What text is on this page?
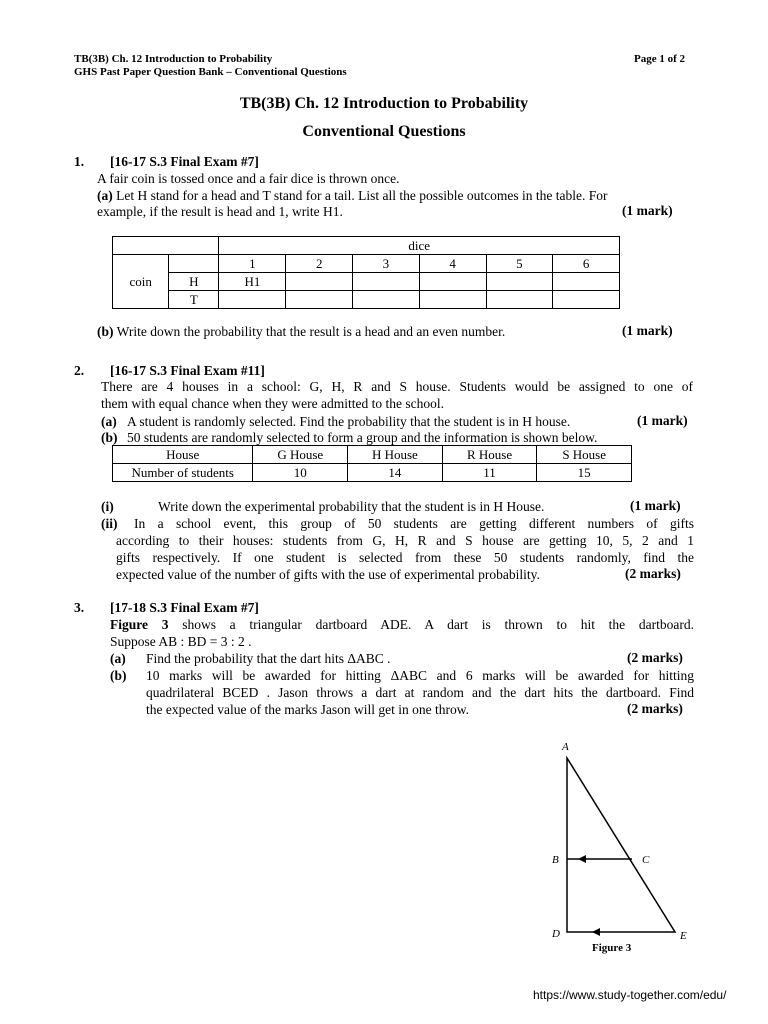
TB(3B) Ch. 12 Introduction to Probability
GHS Past Paper Question Bank – Conventional Questions
Page 1 of 2
TB(3B) Ch. 12 Introduction to Probability
Conventional Questions
1. [16-17 S.3 Final Exam #7]
A fair coin is tossed once and a fair dice is thrown once.
(a) Let H stand for a head and T stand for a tail. List all the possible outcomes in the table. For
example, if the result is head and 1, write H1.	(1 mark)
		dice					
coin		1	2	3	4	5	6
	H	H1					
	T						
(b) Write down the probability that the result is a head and an even number.	(1 mark)
2. [16-17 S.3 Final Exam #11]
There are 4 houses in a school: G, H, R and S house. Students would be assigned to one of
them with equal chance when they were admitted to the school.
(a) A student is randomly selected. Find the probability that the student is in H house.	(1 mark)
(b) 50 students are randomly selected to form a group and the information is shown below.
House	G House	H House	R House	S House
Number of students	10	14	11	15
(i)	Write down the experimental probability that the student is in H House.	(1 mark)
(ii) In a school event, this group of 50 students are getting different numbers of gifts
according to their houses: students from G, H, R and S house are getting 10, 5, 2 and 1
gifts respectively. If one student is selected from these 50 students randomly, find the
expected value of the number of gifts with the use of experimental probability.	(2 marks)
3. [17-18 S.3 Final Exam #7]
Figure 3 shows a triangular dartboard ADE. A dart is thrown to hit the dartboard.
Suppose AB : BD = 3 : 2 .
(a) Find the probability that the dart hits ΔABC .	(2 marks)
(b) 10 marks will be awarded for hitting ΔABC and 6 marks will be awarded for hitting
quadrilateral BCED . Jason throws a dart at random and the dart hits the dartboard. Find
the expected value of the marks Jason will get in one throw.	(2 marks)
A
B	C
D	E
Figure 3
https://www.study-together.com/edu/
